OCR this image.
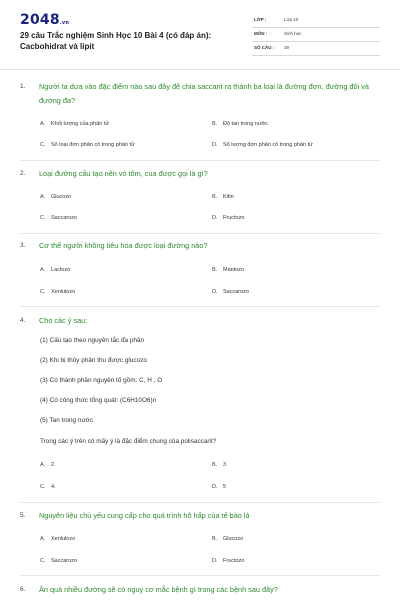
2048.vn
29 câu Trắc nghiệm Sinh Học 10 Bài 4 (có đáp án): Cacbohidrat và lipit
LỚP :	Lớp 10
MÔN :	Sinh học
SỐ CÂU : 29
1. Người ta dựa vào đặc điểm nào sau đây để chia saccarit ra thành ba loại là đường đơn, đường đôi và đường đa?
A. Khối lượng của phân tử	B. Độ tan trong nước
C. Số loại đơn phân có trong phân tử	D. Số lượng đơn phân có trong phân tử
2. Loại đường cấu tạo nên vỏ tôm, cua được gọi là gì?
A. Glucozo	B. Kitin
C. Saccarozo	D. Fructozo
3. Cơ thể người không tiêu hóa được loại đường nào?
A. Lactozo	B. Mantozo
C. Xenlulozo	D. Saccarozo
4. Cho các ý sau:
(1) Cấu tạo theo nguyên tắc đa phân
(2) Khi bị thủy phân thu được glucozo
(3) Có thành phần nguyên tố gồm: C, H , O
(4) Có công thức tổng quát: (C6H10O6)n
(5) Tan trong nước
Trong các ý trên có mấy ý là đặc điểm chung của polisaccarit?
A. 2.	B. 3
C. 4.	D. 5
5. Nguyên liệu chủ yếu cung cấp cho quá trình hô hấp của tế bào là
A. Xenlulozo	B. Glucozo
C. Saccarozo	D. Fructozo
6. Ăn quá nhiều đường sẽ có nguy cơ mắc bệnh gì trong các bệnh sau đây?
